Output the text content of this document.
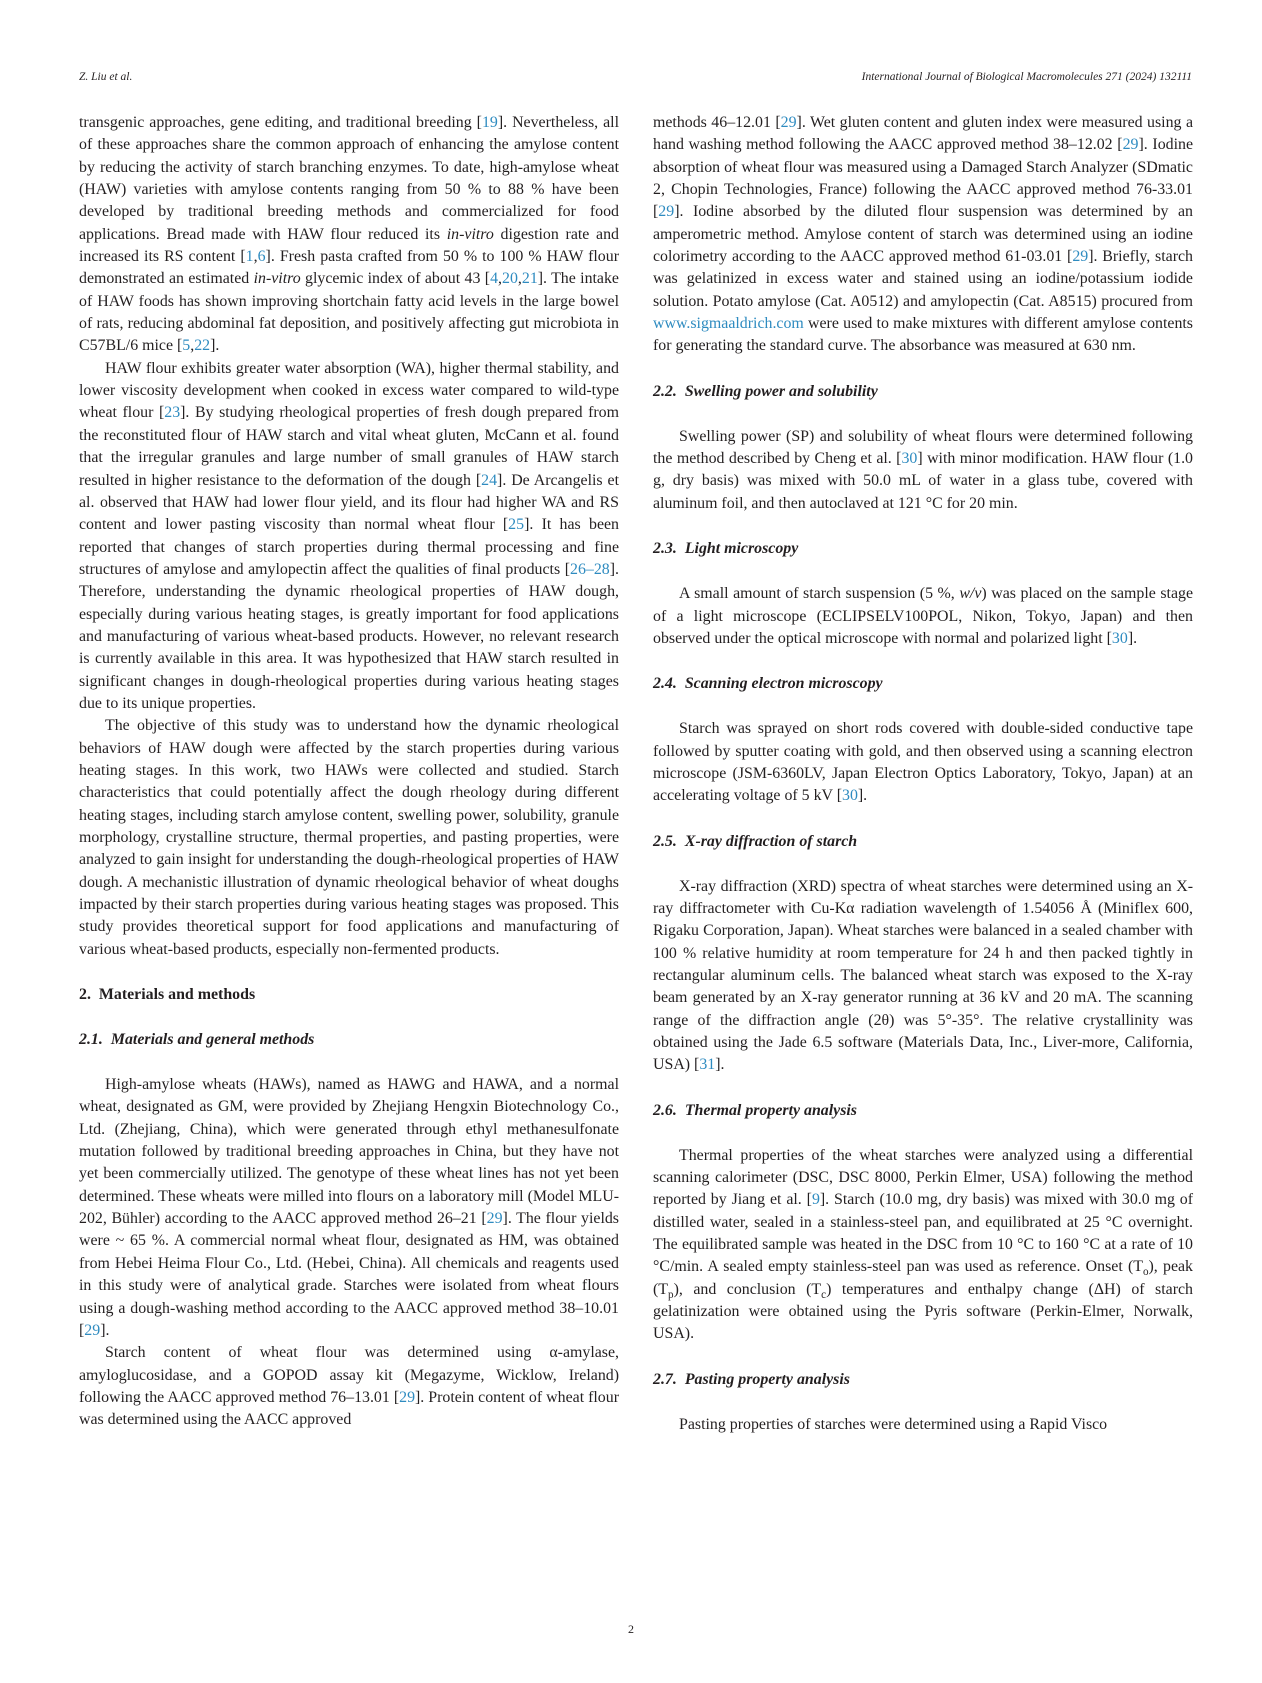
Z. Liu et al.	International Journal of Biological Macromolecules 271 (2024) 132111

transgenic approaches, gene editing, and traditional breeding [19]. Nevertheless, all of these approaches share the common approach of enhancing the amylose content by reducing the activity of starch branching enzymes. To date, high-amylose wheat (HAW) varieties with amylose contents ranging from 50 % to 88 % have been developed by traditional breeding methods and commercialized for food applications. Bread made with HAW flour reduced its in-vitro digestion rate and increased its RS content [1,6]. Fresh pasta crafted from 50 % to 100 % HAW flour demonstrated an estimated in-vitro glycemic index of about 43 [4,20,21]. The intake of HAW foods has shown improving shortchain fatty acid levels in the large bowel of rats, reducing abdominal fat deposition, and positively affecting gut microbiota in C57BL/6 mice [5,22].

HAW flour exhibits greater water absorption (WA), higher thermal stability, and lower viscosity development when cooked in excess water compared to wild-type wheat flour [23]. By studying rheological properties of fresh dough prepared from the reconstituted flour of HAW starch and vital wheat gluten, McCann et al. found that the irregular granules and large number of small granules of HAW starch resulted in higher resistance to the deformation of the dough [24]. De Arcangelis et al. observed that HAW had lower flour yield, and its flour had higher WA and RS content and lower pasting viscosity than normal wheat flour [25]. It has been reported that changes of starch properties during thermal processing and fine structures of amylose and amylopectin affect the qualities of final products [26–28]. Therefore, understanding the dynamic rheological properties of HAW dough, especially during various heating stages, is greatly important for food applications and manufacturing of various wheat-based products. However, no relevant research is currently available in this area. It was hypothesized that HAW starch resulted in significant changes in dough-rheological properties during various heating stages due to its unique properties.

The objective of this study was to understand how the dynamic rheological behaviors of HAW dough were affected by the starch properties during various heating stages. In this work, two HAWs were collected and studied. Starch characteristics that could potentially affect the dough rheology during different heating stages, including starch amylose content, swelling power, solubility, granule morphology, crystalline structure, thermal properties, and pasting properties, were analyzed to gain insight for understanding the dough-rheological properties of HAW dough. A mechanistic illustration of dynamic rheological behavior of wheat doughs impacted by their starch properties during various heating stages was proposed. This study provides theoretical support for food applications and manufacturing of various wheat-based products, especially non-fermented products.

2. Materials and methods
2.1. Materials and general methods

High-amylose wheats (HAWs), named as HAWG and HAWA, and a normal wheat, designated as GM, were provided by Zhejiang Hengxin Biotechnology Co., Ltd. (Zhejiang, China), which were generated through ethyl methanesulfonate mutation followed by traditional breeding approaches in China, but they have not yet been commercially utilized. The genotype of these wheat lines has not yet been determined. These wheats were milled into flours on a laboratory mill (Model MLU-202, Bühler) according to the AACC approved method 26–21 [29]. The flour yields were ~ 65 %. A commercial normal wheat flour, designated as HM, was obtained from Hebei Heima Flour Co., Ltd. (Hebei, China). All chemicals and reagents used in this study were of analytical grade. Starches were isolated from wheat flours using a dough-washing method according to the AACC approved method 38–10.01 [29].

Starch content of wheat flour was determined using α-amylase, amyloglucosidase, and a GOPOD assay kit (Megazyme, Wicklow, Ireland) following the AACC approved method 76–13.01 [29]. Protein content of wheat flour was determined using the AACC approved

methods 46–12.01 [29]. Wet gluten content and gluten index were measured using a hand washing method following the AACC approved method 38–12.02 [29]. Iodine absorption of wheat flour was measured using a Damaged Starch Analyzer (SDmatic 2, Chopin Technologies, France) following the AACC approved method 76-33.01 [29]. Iodine absorbed by the diluted flour suspension was determined by an amperometric method. Amylose content of starch was determined using an iodine colorimetry according to the AACC approved method 61-03.01 [29]. Briefly, starch was gelatinized in excess water and stained using an iodine/potassium iodide solution. Potato amylose (Cat. A0512) and amylopectin (Cat. A8515) procured from www.sigmaaldrich.com were used to make mixtures with different amylose contents for generating the standard curve. The absorbance was measured at 630 nm.

2.2. Swelling power and solubility

Swelling power (SP) and solubility of wheat flours were determined following the method described by Cheng et al. [30] with minor modification. HAW flour (1.0 g, dry basis) was mixed with 50.0 mL of water in a glass tube, covered with aluminum foil, and then autoclaved at 121 °C for 20 min.

2.3. Light microscopy

A small amount of starch suspension (5 %, w/v) was placed on the sample stage of a light microscope (ECLIPSELV100POL, Nikon, Tokyo, Japan) and then observed under the optical microscope with normal and polarized light [30].

2.4. Scanning electron microscopy

Starch was sprayed on short rods covered with double-sided conductive tape followed by sputter coating with gold, and then observed using a scanning electron microscope (JSM-6360LV, Japan Electron Optics Laboratory, Tokyo, Japan) at an accelerating voltage of 5 kV [30].

2.5. X-ray diffraction of starch

X-ray diffraction (XRD) spectra of wheat starches were determined using an X-ray diffractometer with Cu-Kα radiation wavelength of 1.54056 Å (Miniflex 600, Rigaku Corporation, Japan). Wheat starches were balanced in a sealed chamber with 100 % relative humidity at room temperature for 24 h and then packed tightly in rectangular aluminum cells. The balanced wheat starch was exposed to the X-ray beam generated by an X-ray generator running at 36 kV and 20 mA. The scanning range of the diffraction angle (2θ) was 5°-35°. The relative crystallinity was obtained using the Jade 6.5 software (Materials Data, Inc., Liver-more, California, USA) [31].

2.6. Thermal property analysis

Thermal properties of the wheat starches were analyzed using a differential scanning calorimeter (DSC, DSC 8000, Perkin Elmer, USA) following the method reported by Jiang et al. [9]. Starch (10.0 mg, dry basis) was mixed with 30.0 mg of distilled water, sealed in a stainless-steel pan, and equilibrated at 25 °C overnight. The equilibrated sample was heated in the DSC from 10 °C to 160 °C at a rate of 10 °C/min. A sealed empty stainless-steel pan was used as reference. Onset $(T_o)$, peak $(T_p)$, and conclusion $(T_c)$ temperatures and enthalpy change (ΔH) of starch gelatinization were obtained using the Pyris software (Perkin-Elmer, Norwalk, USA).

2.7. Pasting property analysis

Pasting properties of starches were determined using a Rapid Visco

2
